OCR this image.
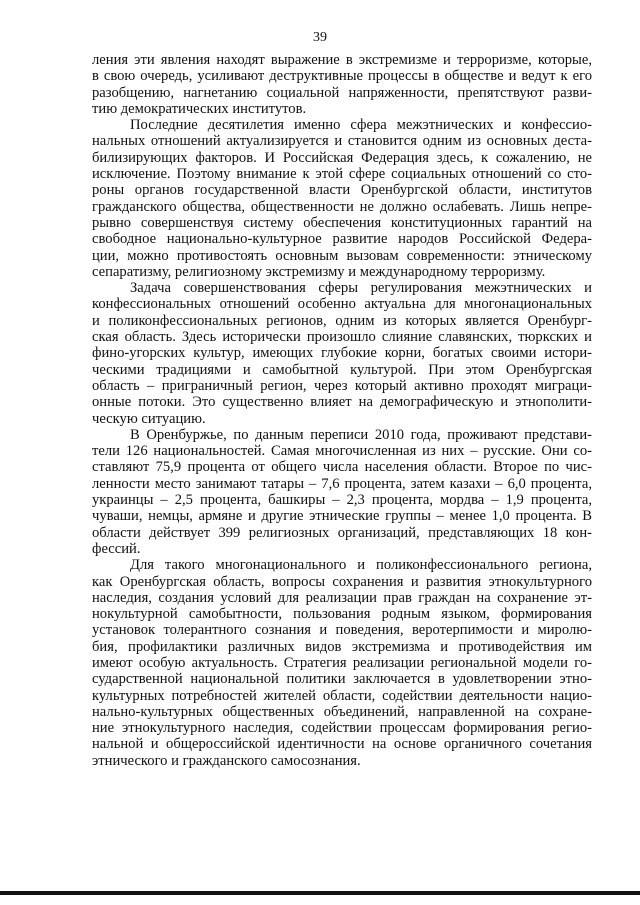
39
ления эти явления находят выражение в экстремизме и терроризме, которые,
в свою очередь, усиливают деструктивные процессы в обществе и ведут к его
разобщению, нагнетанию социальной напряженности, препятствуют разви-
тию демократических институтов.
Последние десятилетия именно сфера межэтнических и конфессио-
нальных отношений актуализируется и становится одним из основных деста-
билизирующих факторов. И Российская Федерация здесь, к сожалению, не
исключение. Поэтому внимание к этой сфере социальных отношений со сто-
роны органов государственной власти Оренбургской области, институтов
гражданского общества, общественности не должно ослабевать. Лишь непре-
рывно совершенствуя систему обеспечения конституционных гарантий на
свободное национально-культурное развитие народов Российской Федера-
ции, можно противостоять основным вызовам современности: этническому
сепаратизму, религиозному экстремизму и международному терроризму.
Задача совершенствования сферы регулирования межэтнических и
конфессиональных отношений особенно актуальна для многонациональных
и поликонфессиональных регионов, одним из которых является Оренбург-
ская область. Здесь исторически произошло слияние славянских, тюркских и
фино-угорских культур, имеющих глубокие корни, богатых своими истори-
ческими традициями и самобытной культурой. При этом Оренбургская
область – приграничный регион, через который активно проходят миграци-
онные потоки. Это существенно влияет на демографическую и этнополити-
ческую ситуацию.
В Оренбуржье, по данным переписи 2010 года, проживают представи-
тели 126 национальностей. Самая многочисленная из них – русские. Они со-
ставляют 75,9 процента от общего числа населения области. Второе по чис-
ленности место занимают татары – 7,6 процента, затем казахи – 6,0 процента,
украинцы – 2,5 процента, башкиры – 2,3 процента, мордва – 1,9 процента,
чуваши, немцы, армяне и другие этнические группы – менее 1,0 процента. В
области действует 399 религиозных организаций, представляющих 18 кон-
фессий.
Для такого многонационального и поликонфессионального региона,
как Оренбургская область, вопросы сохранения и развития этнокультурного
наследия, создания условий для реализации прав граждан на сохранение эт-
нокультурной самобытности, пользования родным языком, формирования
установок толерантного сознания и поведения, веротерпимости и миролю-
бия, профилактики различных видов экстремизма и противодействия им
имеют особую актуальность. Стратегия реализации региональной модели го-
сударственной национальной политики заключается в удовлетворении этно-
культурных потребностей жителей области, содействии деятельности нацио-
нально-культурных общественных объединений, направленной на сохране-
ние этнокультурного наследия, содействии процессам формирования регио-
нальной и общероссийской идентичности на основе органичного сочетания
этнического и гражданского самосознания.
